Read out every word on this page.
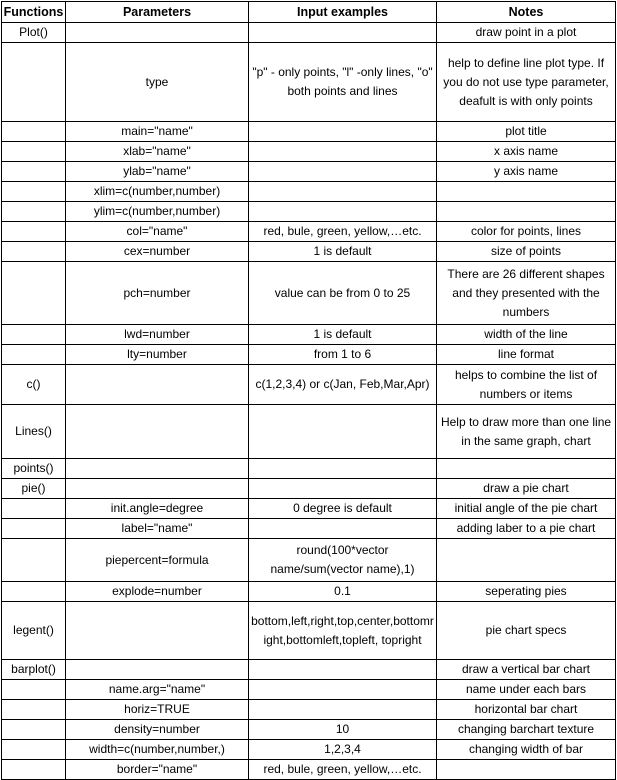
Functions	Parameters	Input examples	Notes
Plot()			draw point in a plot
	type	"p" - only points, "l" -only lines, "o" both points and lines	help to define line plot type. If you do not use type parameter, deafult is with only points
	main="name"		plot title
	xlab="name"		x axis name
	ylab="name"		y axis name
	xlim=c(number,number)		
	ylim=c(number,number)		
	col="name"	red, bule, green, yellow,…etc.	color for points, lines
	cex=number	1 is default	size of points
	pch=number	value can be from 0 to 25	There are 26 different shapes and they presented with the numbers
	lwd=number	1 is default	width of the line
	lty=number	from 1 to 6	line format
c()		c(1,2,3,4) or c(Jan, Feb,Mar,Apr)	helps to combine the list of numbers or items
Lines()			Help to draw more than one line in the same graph, chart
points()			
pie()			draw a pie chart
	init.angle=degree	0 degree is default	initial angle of the pie chart
	label="name"		adding laber to a pie chart
	piepercent=formula	round(100*vector name/sum(vector name),1)	
	explode=number	0.1	seperating pies
legent()		bottom,left,right,top,center,bottomright,bottomleft,topleft, topright	pie chart specs
barplot()			draw a vertical bar chart
	name.arg="name"		name under each bars
	horiz=TRUE		horizontal bar chart
	density=number	10	changing barchart texture
	width=c(number,number,)	1,2,3,4	changing width of bar
	border="name"	red, bule, green, yellow,…etc.	
